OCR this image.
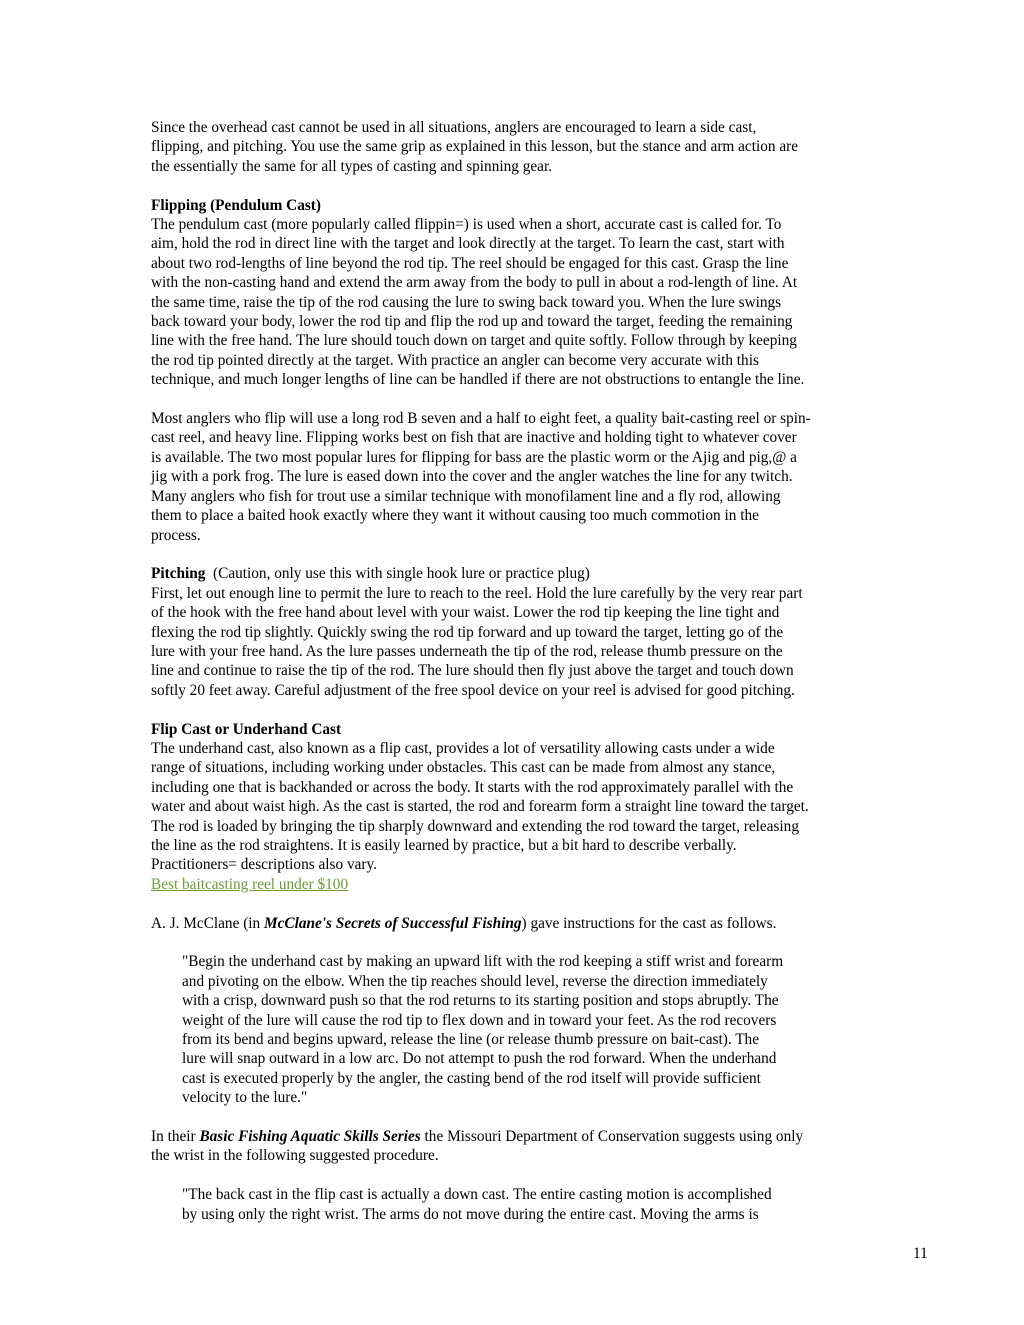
Since the overhead cast cannot be used in all situations, anglers are encouraged to learn a side cast,
flipping, and pitching. You use the same grip as explained in this lesson, but the stance and arm action are
the essentially the same for all types of casting and spinning gear.
Flipping (Pendulum Cast)
The pendulum cast (more popularly called flippin=) is used when a short, accurate cast is called for. To
aim, hold the rod in direct line with the target and look directly at the target. To learn the cast, start with
about two rod-lengths of line beyond the rod tip. The reel should be engaged for this cast. Grasp the line
with the non-casting hand and extend the arm away from the body to pull in about a rod-length of line. At
the same time, raise the tip of the rod causing the lure to swing back toward you. When the lure swings
back toward your body, lower the rod tip and flip the rod up and toward the target, feeding the remaining
line with the free hand. The lure should touch down on target and quite softly. Follow through by keeping
the rod tip pointed directly at the target. With practice an angler can become very accurate with this
technique, and much longer lengths of line can be handled if there are not obstructions to entangle the line.
Most anglers who flip will use a long rod B seven and a half to eight feet, a quality bait-casting reel or spin-
cast reel, and heavy line. Flipping works best on fish that are inactive and holding tight to whatever cover
is available. The two most popular lures for flipping for bass are the plastic worm or the Ajig and pig,@ a
jig with a pork frog. The lure is eased down into the cover and the angler watches the line for any twitch.
Many anglers who fish for trout use a similar technique with monofilament line and a fly rod, allowing
them to place a baited hook exactly where they want it without causing too much commotion in the
process.
Pitching  (Caution, only use this with single hook lure or practice plug)
First, let out enough line to permit the lure to reach to the reel. Hold the lure carefully by the very rear part
of the hook with the free hand about level with your waist. Lower the rod tip keeping the line tight and
flexing the rod tip slightly. Quickly swing the rod tip forward and up toward the target, letting go of the
lure with your free hand. As the lure passes underneath the tip of the rod, release thumb pressure on the
line and continue to raise the tip of the rod. The lure should then fly just above the target and touch down
softly 20 feet away. Careful adjustment of the free spool device on your reel is advised for good pitching.
Flip Cast or Underhand Cast
The underhand cast, also known as a flip cast, provides a lot of versatility allowing casts under a wide
range of situations, including working under obstacles. This cast can be made from almost any stance,
including one that is backhanded or across the body. It starts with the rod approximately parallel with the
water and about waist high. As the cast is started, the rod and forearm form a straight line toward the target.
The rod is loaded by bringing the tip sharply downward and extending the rod toward the target, releasing
the line as the rod straightens. It is easily learned by practice, but a bit hard to describe verbally.
Practitioners= descriptions also vary.
Best baitcasting reel under $100
A. J. McClane (in McClane's Secrets of Successful Fishing) gave instructions for the cast as follows.
"Begin the underhand cast by making an upward lift with the rod keeping a stiff wrist and forearm
and pivoting on the elbow. When the tip reaches should level, reverse the direction immediately
with a crisp, downward push so that the rod returns to its starting position and stops abruptly. The
weight of the lure will cause the rod tip to flex down and in toward your feet. As the rod recovers
from its bend and begins upward, release the line (or release thumb pressure on bait-cast). The
lure will snap outward in a low arc. Do not attempt to push the rod forward. When the underhand
cast is executed properly by the angler, the casting bend of the rod itself will provide sufficient
velocity to the lure."
In their Basic Fishing Aquatic Skills Series the Missouri Department of Conservation suggests using only
the wrist in the following suggested procedure.
"The back cast in the flip cast is actually a down cast. The entire casting motion is accomplished
by using only the right wrist. The arms do not move during the entire cast. Moving the arms is
11
